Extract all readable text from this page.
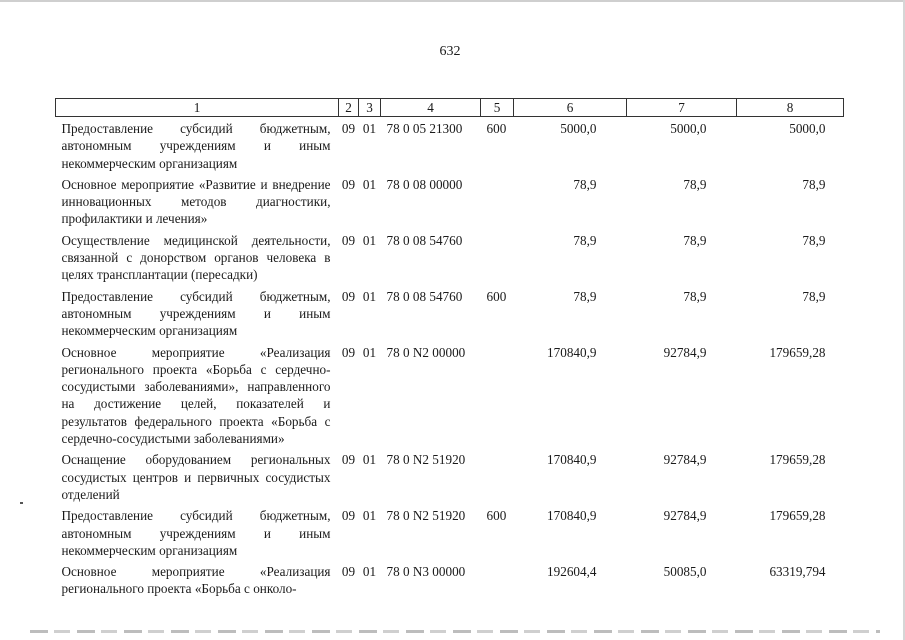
632
1	2	3	4	5	6	7	8
Предоставление субсидий бюджетным, автономным учреждениям и иным некоммерческим организациям	09	01	78 0 05 21300	600	5000,0	5000,0	5000,0
Основное мероприятие «Развитие и внедрение инновационных методов диагностики, профилактики и лечения»	09	01	78 0 08 00000		78,9	78,9	78,9
Осуществление медицинской деятельности, связанной с донорством органов человека в целях трансплантации (пересадки)	09	01	78 0 08 54760		78,9	78,9	78,9
Предоставление субсидий бюджетным, автономным учреждениям и иным некоммерческим организациям	09	01	78 0 08 54760	600	78,9	78,9	78,9
Основное мероприятие «Реализация регионального проекта «Борьба с сердечно-сосудистыми заболеваниями», направленного на достижение целей, показателей и результатов федерального проекта «Борьба с сердечно-сосудистыми заболеваниями»	09	01	78 0 N2 00000		170840,9	92784,9	179659,28
Оснащение оборудованием региональных сосудистых центров и первичных сосудистых отделений	09	01	78 0 N2 51920		170840,9	92784,9	179659,28
Предоставление субсидий бюджетным, автономным учреждениям и иным некоммерческим организациям	09	01	78 0 N2 51920	600	170840,9	92784,9	179659,28
Основное мероприятие «Реализация регионального проекта «Борьба с онколо-	09	01	78 0 N3 00000		192604,4	50085,0	63319,794
